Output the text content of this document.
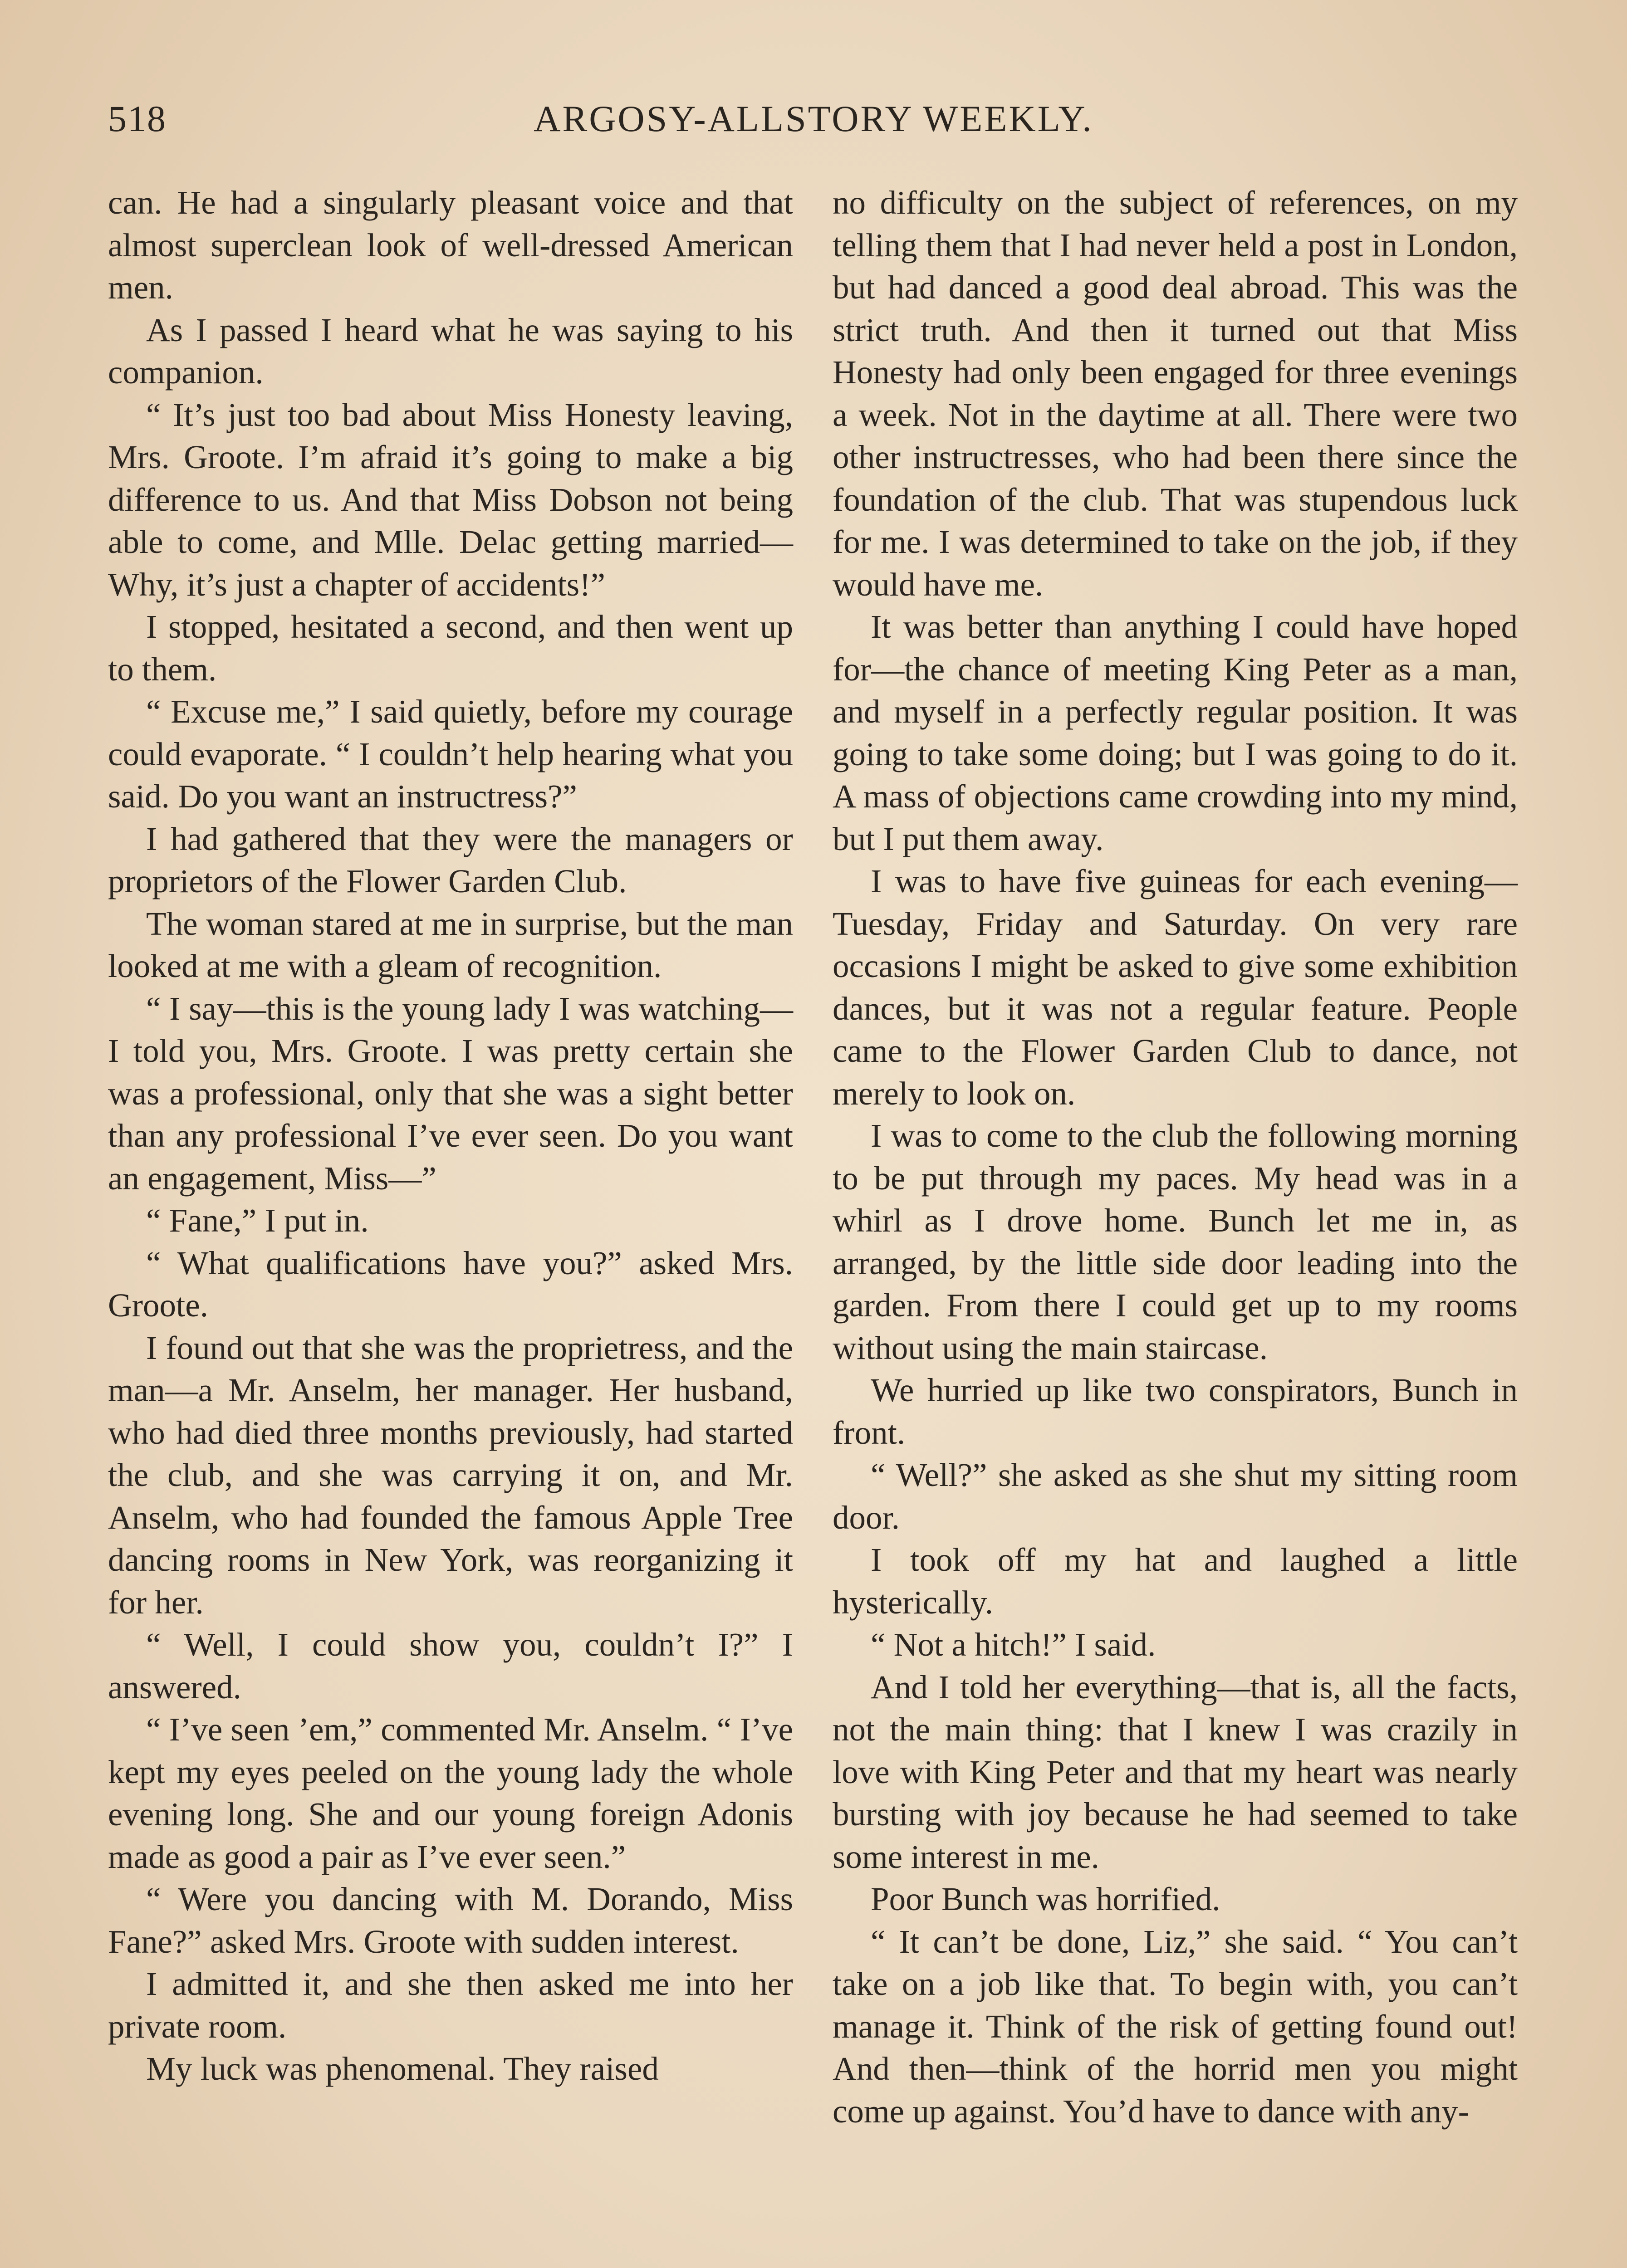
518	ARGOSY-ALLSTORY WEEKLY.

can. He had a singularly pleasant voice and that almost superclean look of well-dressed American men.

As I passed I heard what he was saying to his companion.

“ It’s just too bad about Miss Honesty leaving, Mrs. Groote. I’m afraid it’s going to make a big difference to us. And that Miss Dobson not being able to come, and Mlle. Delac getting married— Why, it’s just a chapter of accidents!”

I stopped, hesitated a second, and then went up to them.

“ Excuse me,” I said quietly, before my courage could evaporate. “ I couldn’t help hearing what you said. Do you want an instructress?”

I had gathered that they were the managers or proprietors of the Flower Garden Club.

The woman stared at me in surprise, but the man looked at me with a gleam of recognition.

“ I say—this is the young lady I was watching—I told you, Mrs. Groote. I was pretty certain she was a professional, only that she was a sight better than any professional I’ve ever seen. Do you want an engagement, Miss—”

“ Fane,” I put in.

“ What qualifications have you?” asked Mrs. Groote.

I found out that she was the proprietress, and the man—a Mr. Anselm, her manager. Her husband, who had died three months previously, had started the club, and she was carrying it on, and Mr. Anselm, who had founded the famous Apple Tree dancing rooms in New York, was reorganizing it for her.

“ Well, I could show you, couldn’t I?” I answered.

“ I’ve seen ’em,” commented Mr. Anselm. “ I’ve kept my eyes peeled on the young lady the whole evening long. She and our young foreign Adonis made as good a pair as I’ve ever seen.”

“ Were you dancing with M. Dorando, Miss Fane?” asked Mrs. Groote with sudden interest.

I admitted it, and she then asked me into her private room.

My luck was phenomenal. They raised

no difficulty on the subject of references, on my telling them that I had never held a post in London, but had danced a good deal abroad. This was the strict truth. And then it turned out that Miss Honesty had only been engaged for three evenings a week. Not in the daytime at all. There were two other instructresses, who had been there since the foundation of the club. That was stupendous luck for me. I was determined to take on the job, if they would have me.

It was better than anything I could have hoped for—the chance of meeting King Peter as a man, and myself in a perfectly regular position. It was going to take some doing; but I was going to do it. A mass of objections came crowding into my mind, but I put them away.

I was to have five guineas for each evening—Tuesday, Friday and Saturday. On very rare occasions I might be asked to give some exhibition dances, but it was not a regular feature. People came to the Flower Garden Club to dance, not merely to look on.

I was to come to the club the following morning to be put through my paces. My head was in a whirl as I drove home. Bunch let me in, as arranged, by the little side door leading into the garden. From there I could get up to my rooms without using the main staircase.

We hurried up like two conspirators, Bunch in front.

“ Well?” she asked as she shut my sitting room door.

I took off my hat and laughed a little hysterically.

“ Not a hitch!” I said.

And I told her everything—that is, all the facts, not the main thing: that I knew I was crazily in love with King Peter and that my heart was nearly bursting with joy because he had seemed to take some interest in me.

Poor Bunch was horrified.

“ It can’t be done, Liz,” she said. “ You can’t take on a job like that. To begin with, you can’t manage it. Think of the risk of getting found out! And then—think of the horrid men you might come up against. You’d have to dance with any-
